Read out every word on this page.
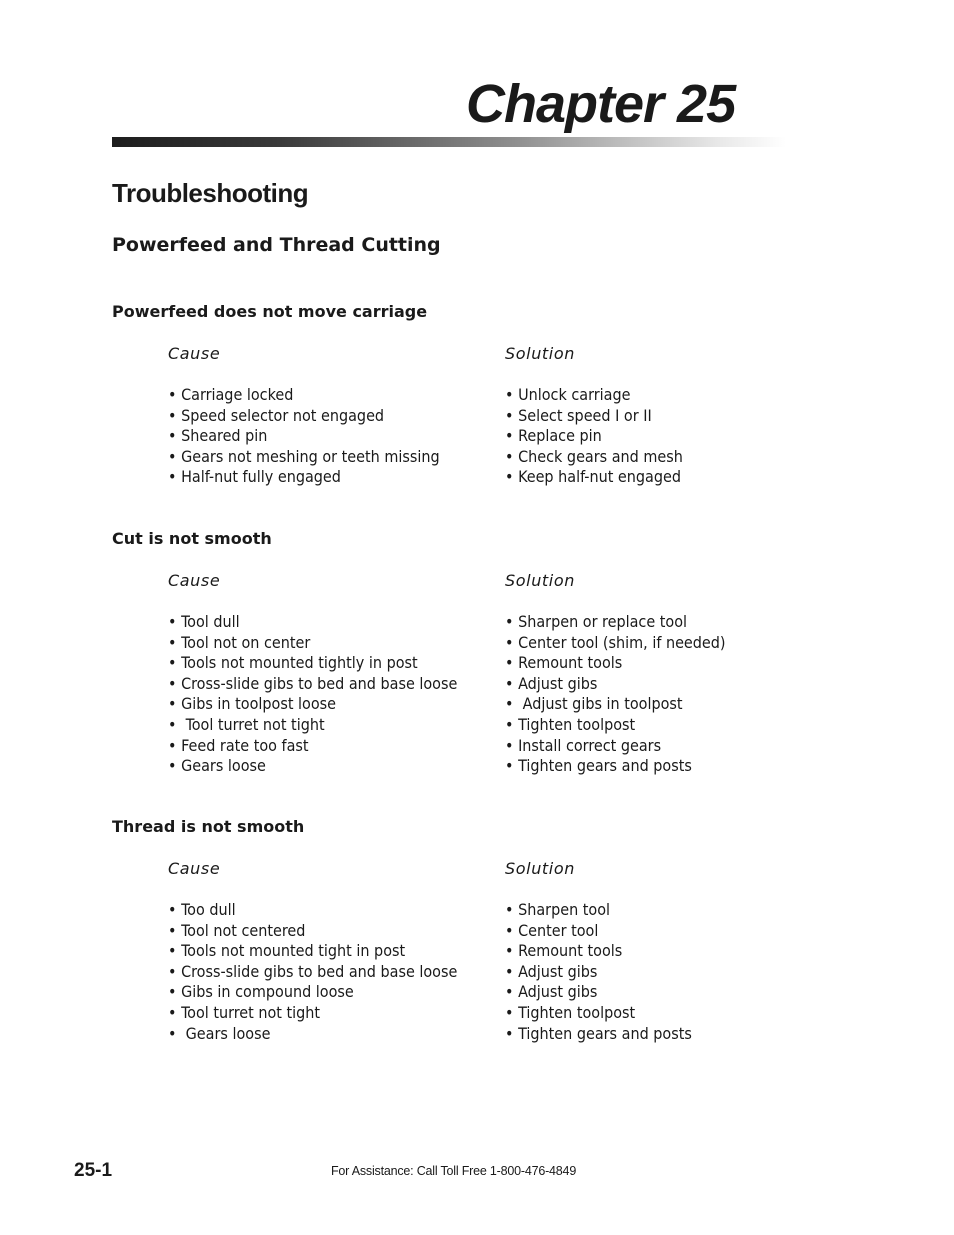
Chapter 25
Troubleshooting
Powerfeed and Thread Cutting
Powerfeed does not move carriage
Cause
• Carriage locked
• Speed selector not engaged
• Sheared pin
• Gears not meshing or teeth missing
• Half-nut fully engaged
Solution
• Unlock carriage
• Select speed I or II
• Replace pin
• Check gears and mesh
• Keep half-nut engaged
Cut is not smooth
Cause
• Tool dull
• Tool not on center
• Tools not mounted tightly in post
• Cross-slide gibs to bed and base loose
• Gibs in toolpost loose
•  Tool turret not tight
• Feed rate too fast
• Gears loose
Solution
• Sharpen or replace tool
• Center tool (shim, if needed)
• Remount tools
• Adjust gibs
•  Adjust gibs in toolpost
• Tighten toolpost
• Install correct gears
• Tighten gears and posts
Thread is not smooth
Cause
• Too dull
• Tool not centered
• Tools not mounted tight in post
• Cross-slide gibs to bed and base loose
• Gibs in compound loose
• Tool turret not tight
•  Gears loose
Solution
• Sharpen tool
• Center tool
• Remount tools
• Adjust gibs
• Adjust gibs
• Tighten toolpost
• Tighten gears and posts
25-1	For Assistance: Call Toll Free 1-800-476-4849
